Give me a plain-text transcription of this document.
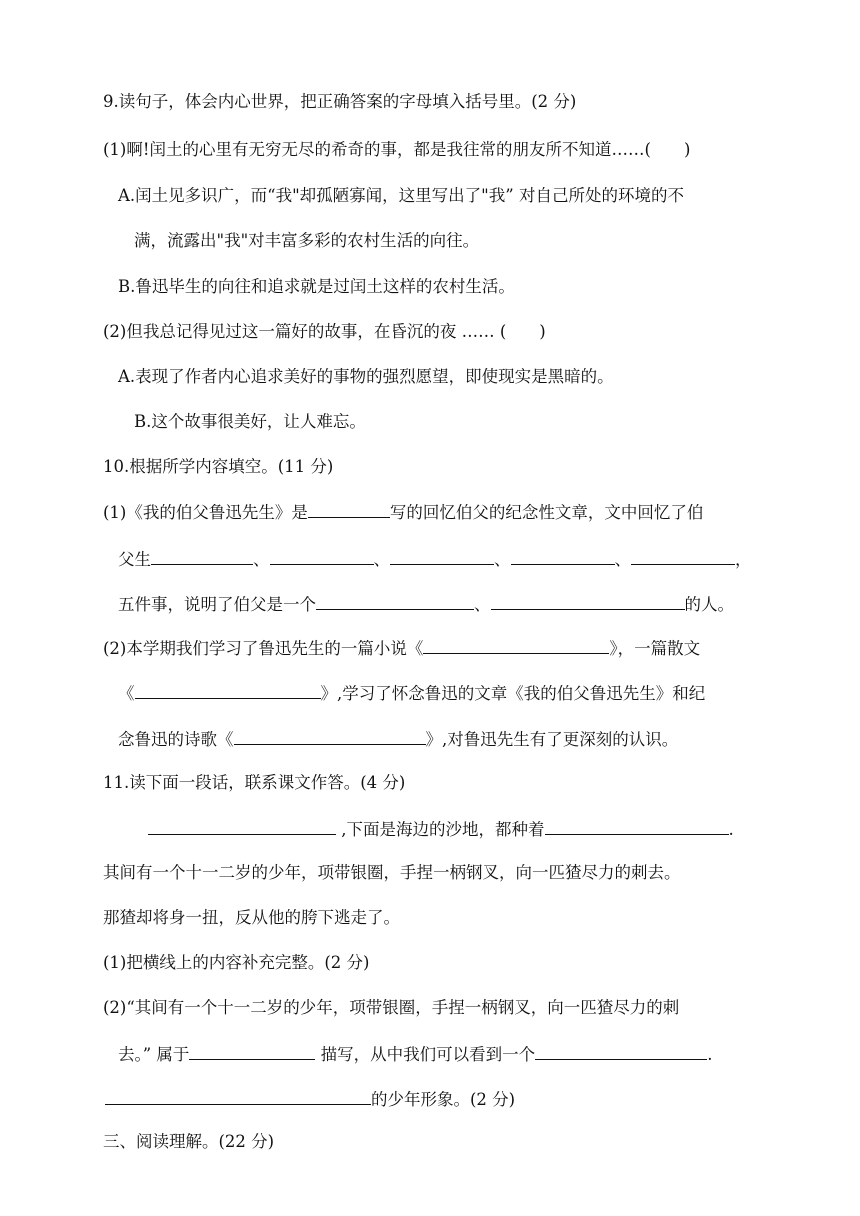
9.读句子，体会内心世界，把正确答案的字母填入括号里。(2 分)
(1)啊!闰土的心里有无穷无尽的希奇的事，都是我往常的朋友所不知道……(　　)
A.闰土见多识广，而“我"却孤陋寡闻，这里写出了"我” 对自己所处的环境的不
满，流露出"我"对丰富多彩的农村生活的向往。
B.鲁迅毕生的向往和追求就是过闰土这样的农村生活。
(2)但我总记得见过这一篇好的故事，在昏沉的夜 …… (　　)
A.表现了作者内心追求美好的事物的强烈愿望，即使现实是黑暗的。
B.这个故事很美好，让人难忘。
10.根据所学内容填空。(11 分)
(1)《我的伯父鲁迅先生》是	写的回忆伯父的纪念性文章，文中回忆了伯
父生	、	、	、	、	，
五件事，说明了伯父是一个	、	的人。
(2)本学期我们学习了鲁迅先生的一篇小说《	》，一篇散文
《	》,学习了怀念鲁迅的文章《我的伯父鲁迅先生》和纪
念鲁迅的诗歌《	》,对鲁迅先生有了更深刻的认识。
11.读下面一段话，联系课文作答。(4 分)
,下面是海边的沙地，都种着	.
其间有一个十一二岁的少年，项带银圈，手捏一柄钢叉，向一匹猹尽力的刺去。
那猹却将身一扭，反从他的胯下逃走了。
(1)把横线上的内容补充完整。(2 分)
(2)“其间有一个十一二岁的少年，项带银圈，手捏一柄钢叉，向一匹猹尽力的刺
去。” 属于	描写，从中我们可以看到一个	.
的少年形象。(2 分)
三、阅读理解。(22 分)
